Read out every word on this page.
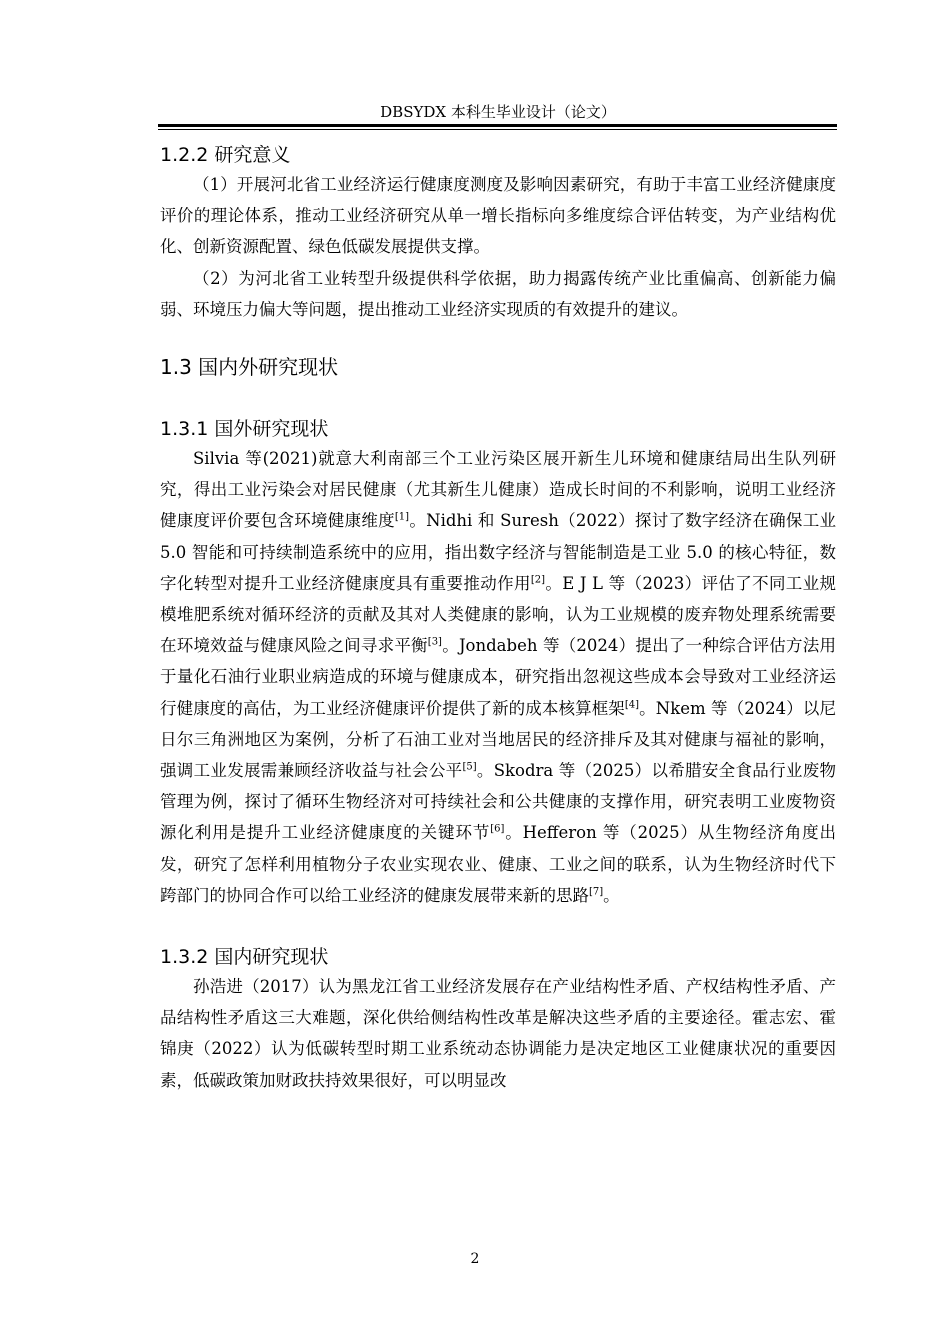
DBSYDX 本科生毕业设计（论文）
1.2.2 研究意义

（1）开展河北省工业经济运行健康度测度及影响因素研究，有助于丰富工业经济健康度评价的理论体系，推动工业经济研究从单一增长指标向多维度综合评估转变，为产业结构优化、创新资源配置、绿色低碳发展提供支撑。

（2）为河北省工业转型升级提供科学依据，助力揭露传统产业比重偏高、创新能力偏弱、环境压力偏大等问题，提出推动工业经济实现质的有效提升的建议。

1.3 国内外研究现状
1.3.1 国外研究现状

Silvia 等(2021)就意大利南部三个工业污染区展开新生儿环境和健康结局出生队列研究，得出工业污染会对居民健康（尤其新生儿健康）造成长时间的不利影响，说明工业经济健康度评价要包含环境健康维度[1]。Nidhi 和 Suresh（2022）探讨了数字经济在确保工业 5.0 智能和可持续制造系统中的应用，指出数字经济与智能制造是工业 5.0 的核心特征，数字化转型对提升工业经济健康度具有重要推动作用[2]。E J L 等（2023）评估了不同工业规模堆肥系统对循环经济的贡献及其对人类健康的影响，认为工业规模的废弃物处理系统需要在环境效益与健康风险之间寻求平衡[3]。Jondabeh 等（2024）提出了一种综合评估方法用于量化石油行业职业病造成的环境与健康成本，研究指出忽视这些成本会导致对工业经济运行健康度的高估，为工业经济健康评价提供了新的成本核算框架[4]。Nkem 等（2024）以尼日尔三角洲地区为案例，分析了石油工业对当地居民的经济排斥及其对健康与福祉的影响，强调工业发展需兼顾经济收益与社会公平[5]。Skodra 等（2025）以希腊安全食品行业废物管理为例，探讨了循环生物经济对可持续社会和公共健康的支撑作用，研究表明工业废物资源化利用是提升工业经济健康度的关键环节[6]。Hefferon 等（2025）从生物经济角度出发，研究了怎样利用植物分子农业实现农业、健康、工业之间的联系，认为生物经济时代下跨部门的协同合作可以给工业经济的健康发展带来新的思路[7]。

1.3.2 国内研究现状

孙浩进（2017）认为黑龙江省工业经济发展存在产业结构性矛盾、产权结构性矛盾、产品结构性矛盾这三大难题，深化供给侧结构性改革是解决这些矛盾的主要途径。霍志宏、霍锦庚（2022）认为低碳转型时期工业系统动态协调能力是决定地区工业健康状况的重要因素，低碳政策加财政扶持效果很好，可以明显改

2
